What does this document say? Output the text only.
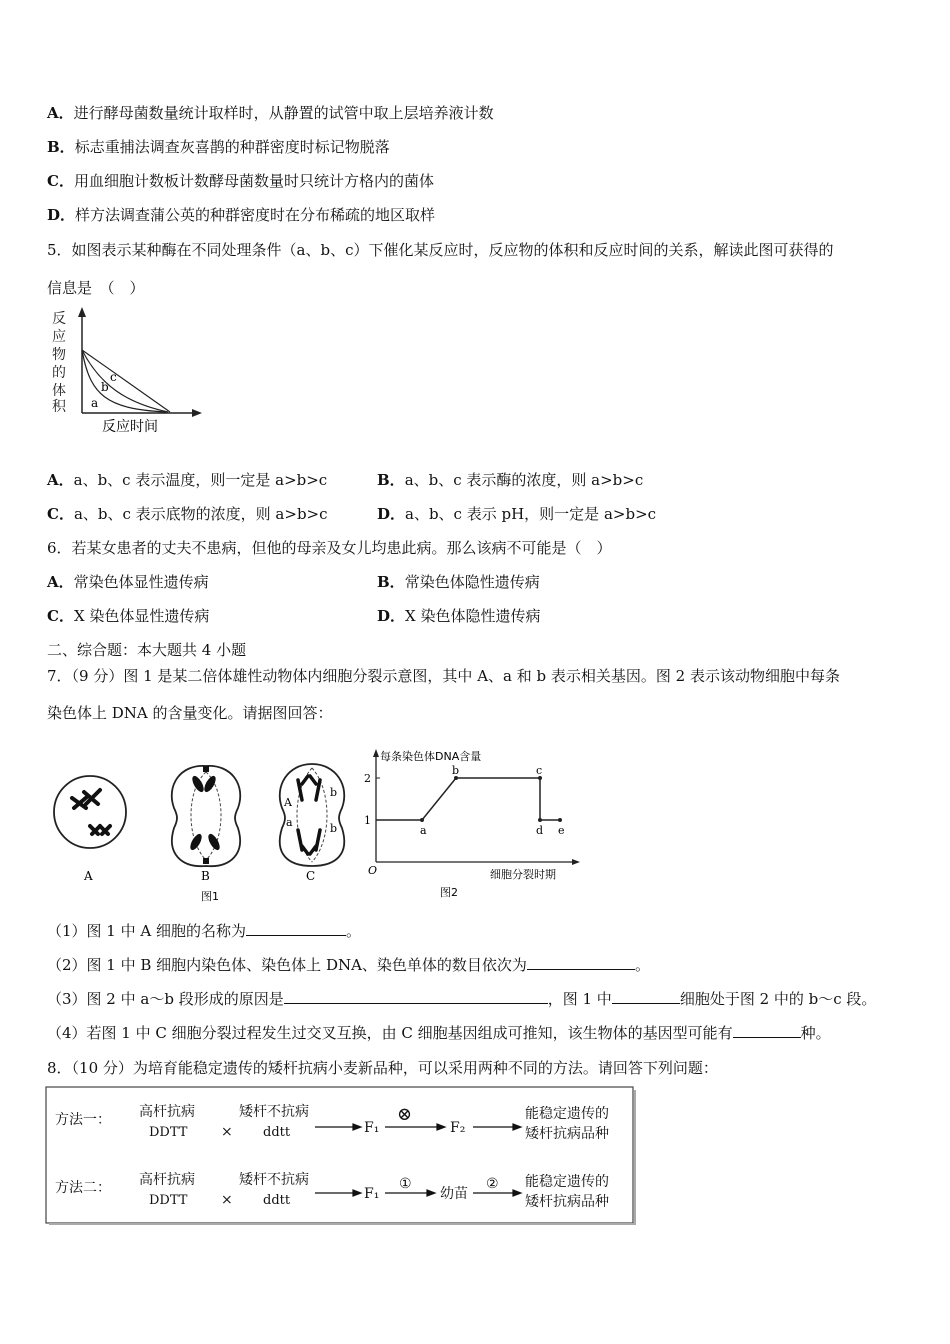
A．进行酵母菌数量统计取样时，从静置的试管中取上层培养液计数
B．标志重捕法调查灰喜鹊的种群密度时标记物脱落
C．用血细胞计数板计数酵母菌数量时只统计方格内的菌体
D．样方法调查蒲公英的种群密度时在分布稀疏的地区取样
5．如图表示某种酶在不同处理条件（a、b、c）下催化某反应时，反应物的体积和反应时间的关系，解读此图可获得的
信息是　（　）
反
应
物
的
体
积 a
b
c
反应时间
A．a、b、c 表示温度，则一定是 a>b>c	B．a、b、c 表示酶的浓度，则 a>b>c
C．a、b、c 表示底物的浓度，则 a>b>c	D．a、b、c 表示 pH，则一定是 a>b>c
6．若某女患者的丈夫不患病，但他的母亲及女儿均患此病。那么该病不可能是（　）
A．常染色体显性遗传病	B．常染色体隐性遗传病
C．X 染色体显性遗传病	D．X 染色体隐性遗传病
二、综合题：本大题共 4 小题
7．（9 分）图 1 是某二倍体雄性动物体内细胞分裂示意图，其中 A、a 和 b 表示相关基因。图 2 表示该动物细胞中每条
染色体上 DNA 的含量变化。请据图回答：
A	B
图1
A
a
b
b
C
每条染色体DNA含量
2
1
a
b	c
d e
O	细胞分裂时期
图2
（1）图 1 中 A 细胞的名称为	。
（2）图 1 中 B 细胞内染色体、染色体上 DNA、染色单体的数目依次为	。
（3）图 2 中 a～b 段形成的原因是	，图 1 中	细胞处于图 2 中的 b～c 段。
（4）若图 1 中 C 细胞分裂过程发生过交叉互换，由 C 细胞基因组成可推知，该生物体的基因型可能有	种。
8．（10 分）为培育能稳定遗传的矮杆抗病小麦新品种，可以采用两种不同的方法。请回答下列问题：
方法一： 高杆抗病
DDTT ×
矮杆不抗病
ddtt	F₁
⊗
F₂
能稳定遗传的
矮杆抗病品种
方法二： 高杆抗病
DDTT ×
矮杆不抗病
ddtt	F₁
①
幼苗
② 能稳定遗传的
矮杆抗病品种
